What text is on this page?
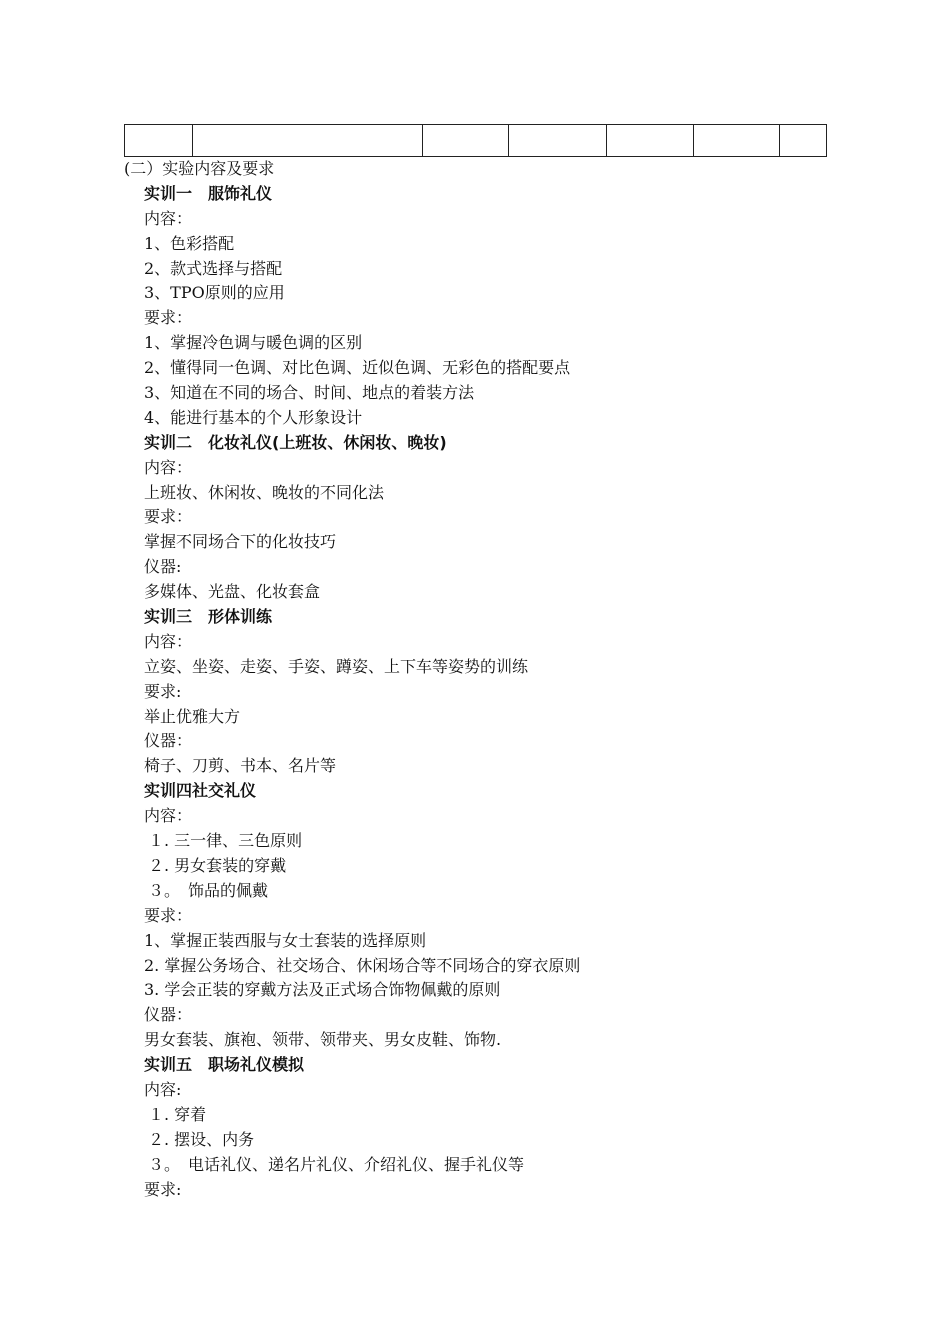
(二）实验内容及要求
实训一　服饰礼仪
内容：
1、色彩搭配
2、款式选择与搭配
3、TPO原则的应用
要求：
1、掌握冷色调与暖色调的区别
2、懂得同一色调、对比色调、近似色调、无彩色的搭配要点
3、知道在不同的场合、时间、地点的着装方法
4、能进行基本的个人形象设计
实训二　化妆礼仪(上班妆、休闲妆、晚妆)
内容：
上班妆、休闲妆、晚妆的不同化法
要求：
掌握不同场合下的化妆技巧
仪器:
多媒体、光盘、化妆套盒
实训三　形体训练
内容：
立姿、坐姿、走姿、手姿、蹲姿、上下车等姿势的训练
要求:
举止优雅大方
仪器：
椅子、刀剪、书本、名片等
实训四社交礼仪
内容：
１. 三一律、三色原则
２. 男女套装的穿戴
３。　饰品的佩戴
要求：
1、掌握正装西服与女士套装的选择原则
2. 掌握公务场合、社交场合、休闲场合等不同场合的穿衣原则
3. 学会正装的穿戴方法及正式场合饰物佩戴的原则
仪器：
男女套装、旗袍、领带、领带夹、男女皮鞋、饰物.
实训五　职场礼仪模拟
内容:
１. 穿着
２. 摆设、内务
３。　电话礼仪、递名片礼仪、介绍礼仪、握手礼仪等
要求:
